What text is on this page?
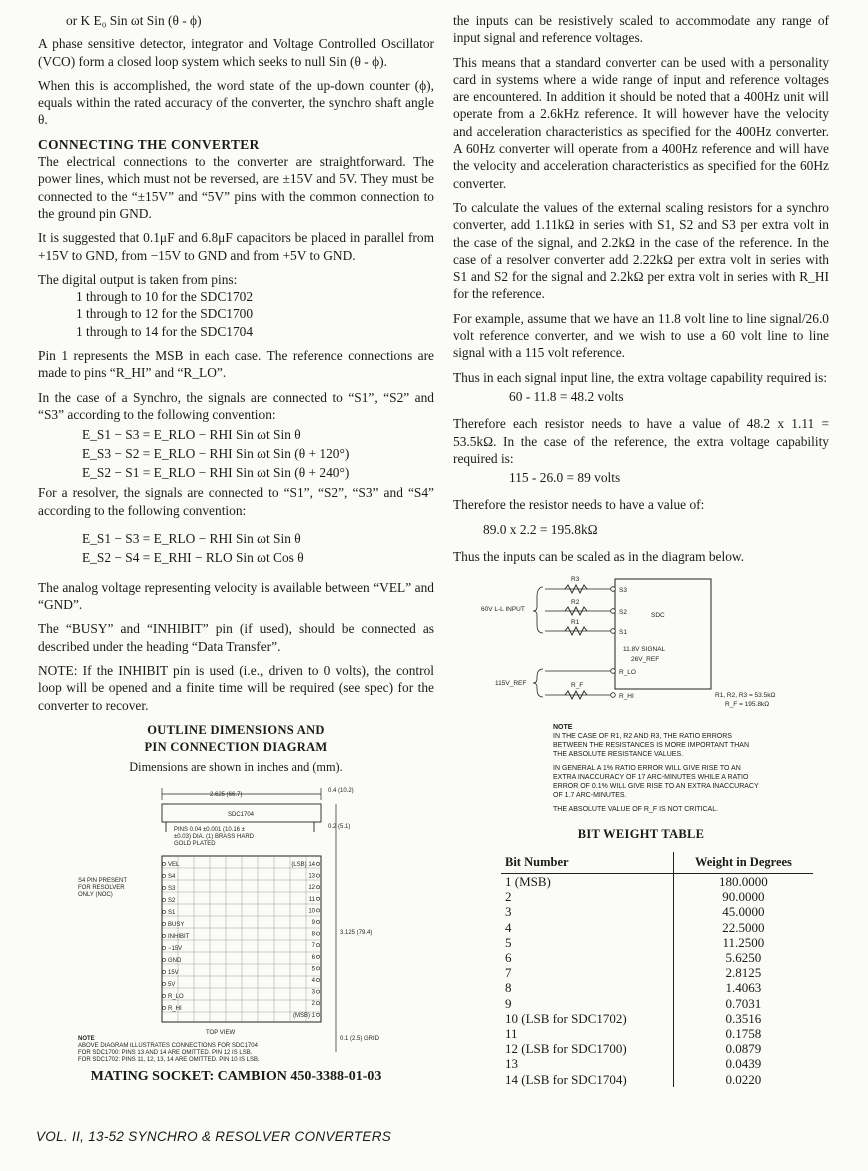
or K E₀ Sin ωt Sin (θ - ϕ)

A phase sensitive detector, integrator and Voltage Controlled Oscillator (VCO) form a closed loop system which seeks to null Sin (θ - ϕ).

When this is accomplished, the word state of the up-down counter (ϕ), equals within the rated accuracy of the converter, the synchro shaft angle θ.

CONNECTING THE CONVERTER

The electrical connections to the converter are straightforward. The power lines, which must not be reversed, are ±15V and 5V. They must be connected to the “±15V” and “5V” pins with the common connection to the ground pin GND.

It is suggested that 0.1μF and 6.8μF capacitors be placed in parallel from +15V to GND, from −15V to GND and from +5V to GND.

The digital output is taken from pins:

1 through to 10 for the SDC1702

1 through to 12 for the SDC1700

1 through to 14 for the SDC1704

Pin 1 represents the MSB in each case. The reference connections are made to pins “R_HI” and “R_LO”.

In the case of a Synchro, the signals are connected to “S1”, “S2” and “S3” according to the following convention:

E_S1 − S3 = E_RLO − RHI Sin ωt Sin θ

E_S3 − S2 = E_RLO − RHI Sin ωt Sin (θ + 120°)

E_S2 − S1 = E_RLO − RHI Sin ωt Sin (θ + 240°)

For a resolver, the signals are connected to “S1”, “S2”, “S3” and “S4” according to the following convention:

E_S1 − S3 = E_RLO − RHI Sin ωt Sin θ

E_S2 − S4 = E_RHI − RLO Sin ωt Cos θ

The analog voltage representing velocity is available between “VEL” and “GND”.

The “BUSY” and “INHIBIT” pin (if used), should be connected as described under the heading “Data Transfer”.

NOTE: If the INHIBIT pin is used (i.e., driven to 0 volts), the control loop will be opened and a finite time will be required (see spec) for the converter to recover.

OUTLINE DIMENSIONS AND

PIN CONNECTION DIAGRAM

Dimensions are shown in inches and (mm).

2.625 (66.7)
0.4 (10.2)
SDC1704
PINS 0.04 ±0.001 (10.16 ±
±0.03) DIA. (1) BRASS HARD
GOLD PLATED
0.2 (5.1)
S4 PIN PRESENT
FOR RESOLVER
ONLY (NOC)
VEL
S4
S3
S2
S1
BUSY
INHIBIT
−15V
GND
15V
5V
R_LO
R_HI
(LSB) 14
13
12
11
10
9
8
7
6
5
4
3
2
(MSB) 1
3.125 (79.4)
TOP VIEW
0.1 (2.5) GRID
NOTE
ABOVE DIAGRAM ILLUSTRATES CONNECTIONS FOR SDC1704
FOR SDC1700: PINS 13 AND 14 ARE OMITTED. PIN 12 IS LSB.
FOR SDC1702: PINS 11, 12, 13, 14 ARE OMITTED. PIN 10 IS LSB.

MATING SOCKET: CAMBION 450-3388-01-03

the inputs can be resistively scaled to accommodate any range of input signal and reference voltages.

This means that a standard converter can be used with a personality card in systems where a wide range of input and reference voltages are encountered. In addition it should be noted that a 400Hz unit will operate from a 2.6kHz reference. It will however have the velocity and acceleration characteristics as specified for the 400Hz converter. A 60Hz converter will operate from a 400Hz reference and will have the velocity and acceleration characteristics as specified for the 60Hz converter.

To calculate the values of the external scaling resistors for a synchro converter, add 1.11kΩ in series with S1, S2 and S3 per extra volt in the case of the signal, and 2.2kΩ in the case of the reference. In the case of a resolver converter add 2.22kΩ per extra volt in series with S1 and S2 for the signal and 2.2kΩ per extra volt in series with R_HI for the reference.

For example, assume that we have an 11.8 volt line to line signal/26.0 volt reference converter, and we wish to use a 60 volt line to line signal with a 115 volt reference.

Thus in each signal input line, the extra voltage capability required is:

60 - 11.8 = 48.2 volts

Therefore each resistor needs to have a value of 48.2 x 1.11 = 53.5kΩ. In the case of the reference, the extra voltage capability required is:

115 - 26.0 = 89 volts

Therefore the resistor needs to have a value of:

89.0 x 2.2 = 195.8kΩ

Thus the inputs can be scaled as in the diagram below.

SDC
60V L-L INPUT
R3
R2
R1
S3
S2
S1
11.8V SIGNAL
26V_REF
115V_REF	R_F
R_LO
R_HI	R1, R2, R3 = 53.5kΩ
R_F = 195.8kΩ
NOTE
IN THE CASE OF R1, R2 AND R3, THE RATIO ERRORS BETWEEN THE RESISTANCES IS MORE IMPORTANT THAN THE ABSOLUTE RESISTANCE VALUES.
IN GENERAL A 1% RATIO ERROR WILL GIVE RISE TO AN EXTRA INACCURACY OF 17 ARC-MINUTES WHILE A RATIO ERROR OF 0.1% WILL GIVE RISE TO AN EXTRA INACCURACY OF 1.7 ARC-MINUTES.
THE ABSOLUTE VALUE OF R_F IS NOT CRITICAL.

BIT WEIGHT TABLE

Bit Number	Weight in Degrees
1 (MSB)	180.0000
2	90.0000
3	45.0000
4	22.5000
5	11.2500
6	5.6250
7	2.8125
8	1.4063
9	0.7031
10 (LSB for SDC1702)	0.3516
11	0.1758
12 (LSB for SDC1700)	0.0879
13	0.0439
14 (LSB for SDC1704)	0.0220
VOL. II, 13-52 SYNCHRO & RESOLVER CONVERTERS
